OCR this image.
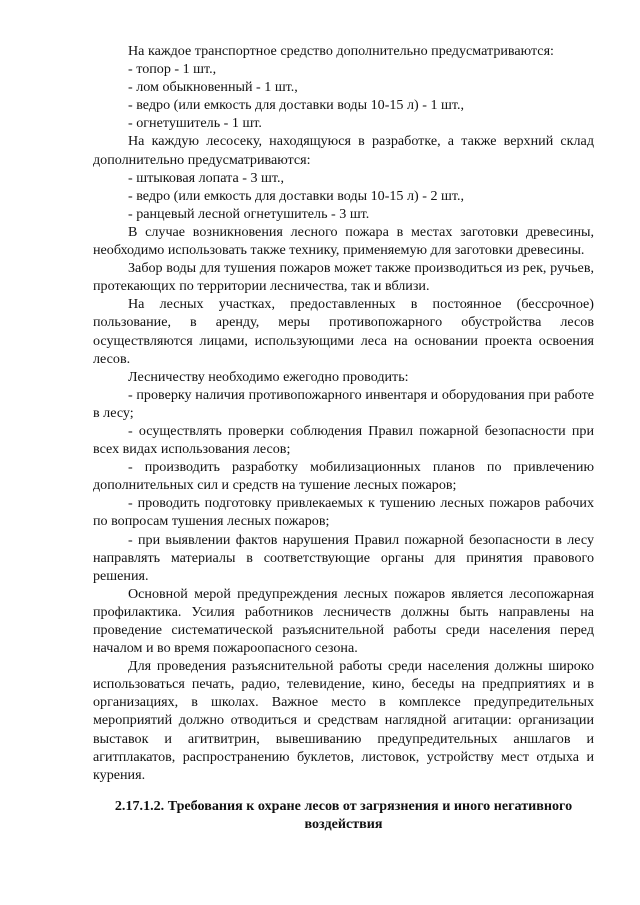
На каждое транспортное средство дополнительно предусматриваются:

- топор - 1 шт.,

- лом обыкновенный - 1 шт.,

- ведро (или емкость для доставки воды 10-15 л) - 1 шт.,

- огнетушитель - 1 шт.

На каждую лесосеку, находящуюся в разработке, а также верхний склад дополнительно предусматриваются:

- штыковая лопата - 3 шт.,

- ведро (или емкость для доставки воды 10-15 л) - 2 шт.,

- ранцевый лесной огнетушитель - 3 шт.

В случае возникновения лесного пожара в местах заготовки древесины, необходимо использовать также технику, применяемую для заготовки древесины.

Забор воды для тушения пожаров может также производиться из рек, ручьев, протекающих по территории лесничества, так и вблизи.

На лесных участках, предоставленных в постоянное (бессрочное) пользование, в аренду, меры противопожарного обустройства лесов осуществляются лицами, использующими леса на основании проекта освоения лесов.

Лесничеству необходимо ежегодно проводить:

- проверку наличия противопожарного инвентаря и оборудования при работе в лесу;

- осуществлять проверки соблюдения Правил пожарной безопасности при всех видах использования лесов;

- производить разработку мобилизационных планов по привлечению дополнительных сил и средств на тушение лесных пожаров;

- проводить подготовку привлекаемых к тушению лесных пожаров рабочих по вопросам тушения лесных пожаров;

- при выявлении фактов нарушения Правил пожарной безопасности в лесу направлять материалы в соответствующие органы для принятия правового решения.

Основной мерой предупреждения лесных пожаров является лесопожарная профилактика. Усилия работников лесничеств должны быть направлены на проведение систематической разъяснительной работы среди населения перед началом и во время пожароопасного сезона.

Для проведения разъяснительной работы среди населения должны широко использоваться печать, радио, телевидение, кино, беседы на предприятиях и в организациях, в школах. Важное место в комплексе предупредительных мероприятий должно отводиться и средствам наглядной агитации: организации выставок и агитвитрин, вывешиванию предупредительных аншлагов и агитплакатов, распространению буклетов, листовок, устройству мест отдыха и курения.

2.17.1.2. Требования к охране лесов от загрязнения и иного негативного воздействия
